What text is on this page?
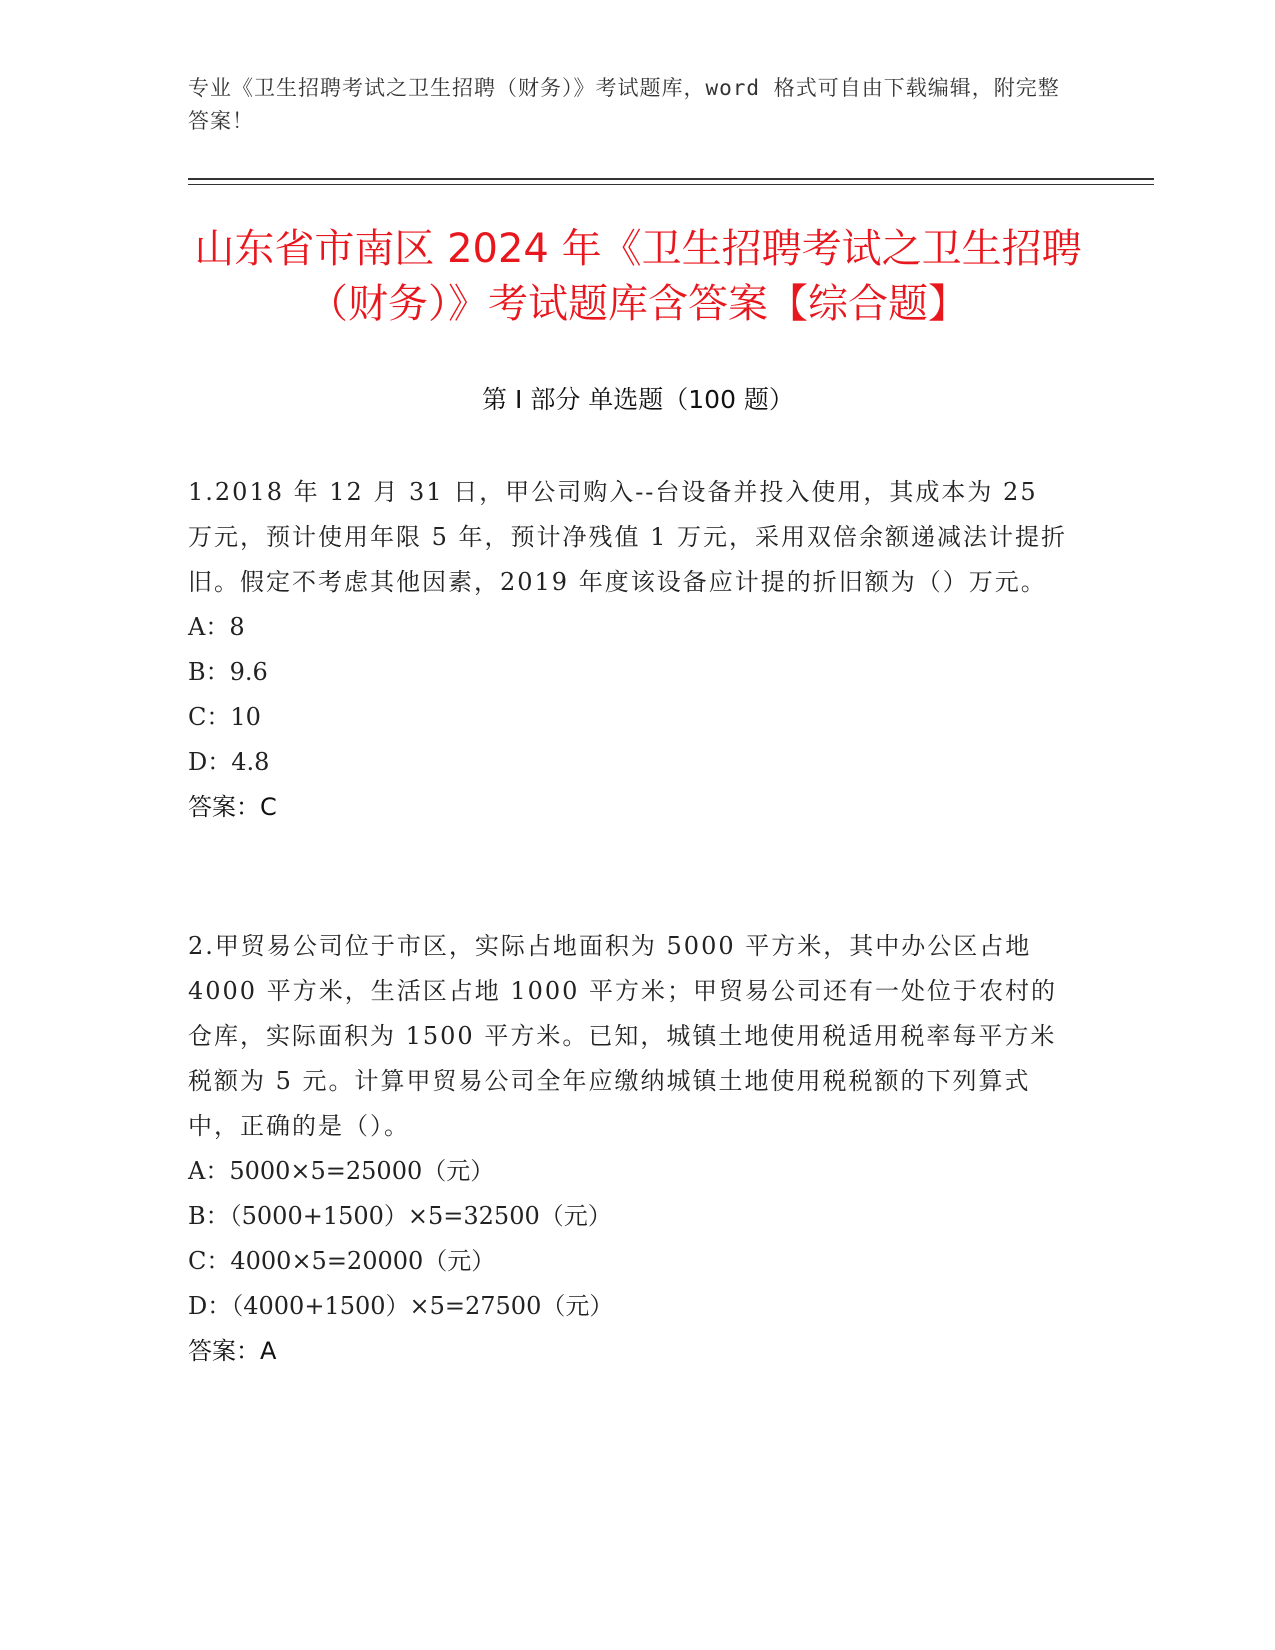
专业《卫生招聘考试之卫生招聘（财务）》考试题库，word 格式可自由下载编辑，附完整答案！
山东省市南区 2024 年《卫生招聘考试之卫生招聘（财务）》考试题库含答案【综合题】
第 I 部分 单选题（100 题）

1.2018 年 12 月 31 日，甲公司购入--台设备并投入使用，其成本为 25 万元，预计使用年限 5 年，预计净残值 1 万元，采用双倍余额递减法计提折旧。假定不考虑其他因素，2019 年度该设备应计提的折旧额为（）万元。

A：8

B：9.6

C：10

D：4.8

答案：C

2.甲贸易公司位于市区，实际占地面积为 5000 平方米，其中办公区占地 4000 平方米，生活区占地 1000 平方米；甲贸易公司还有一处位于农村的仓库，实际面积为 1500 平方米。已知，城镇土地使用税适用税率每平方米税额为 5 元。计算甲贸易公司全年应缴纳城镇土地使用税税额的下列算式中，正确的是（）。

A：5000×5=25000（元）

B：（5000+1500）×5=32500（元）

C：4000×5=20000（元）

D：（4000+1500）×5=27500（元）

答案：A
